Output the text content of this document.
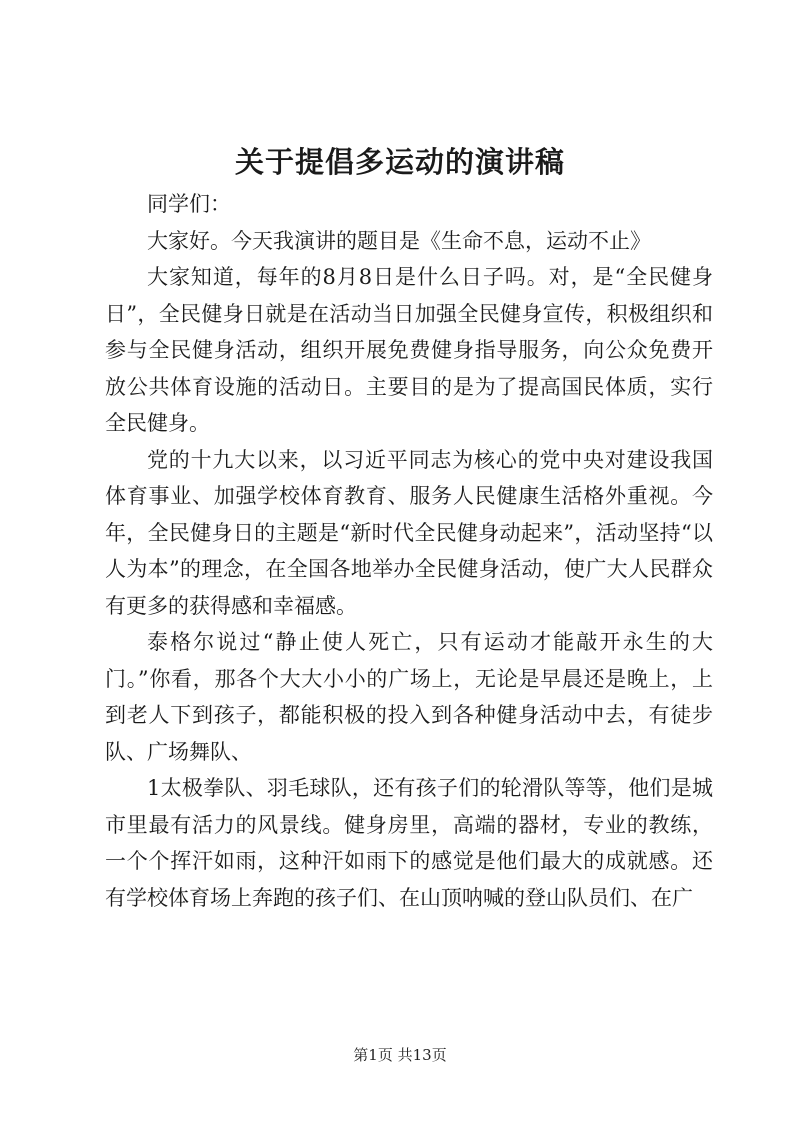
关于提倡多运动的演讲稿

同学们：

大家好。今天我演讲的题目是《生命不息，运动不止》

大家知道，每年的8月8日是什么日子吗。对，是“全民健身日”，全民健身日就是在活动当日加强全民健身宣传，积极组织和参与全民健身活动，组织开展免费健身指导服务，向公众免费开放公共体育设施的活动日。主要目的是为了提高国民体质，实行全民健身。

党的十九大以来，以习近平同志为核心的党中央对建设我国体育事业、加强学校体育教育、服务人民健康生活格外重视。今年，全民健身日的主题是“新时代全民健身动起来”，活动坚持“以人为本”的理念，在全国各地举办全民健身活动，使广大人民群众有更多的获得感和幸福感。

泰格尔说过“静止使人死亡，只有运动才能敲开永生的大门。”你看，那各个大大小小的广场上，无论是早晨还是晚上，上到老人下到孩子，都能积极的投入到各种健身活动中去，有徒步队、广场舞队、

1太极拳队、羽毛球队，还有孩子们的轮滑队等等，他们是城市里最有活力的风景线。健身房里，高端的器材，专业的教练，一个个挥汗如雨，这种汗如雨下的感觉是他们最大的成就感。还有学校体育场上奔跑的孩子们、在山顶呐喊的登山队员们、在广

第1页 共13页
